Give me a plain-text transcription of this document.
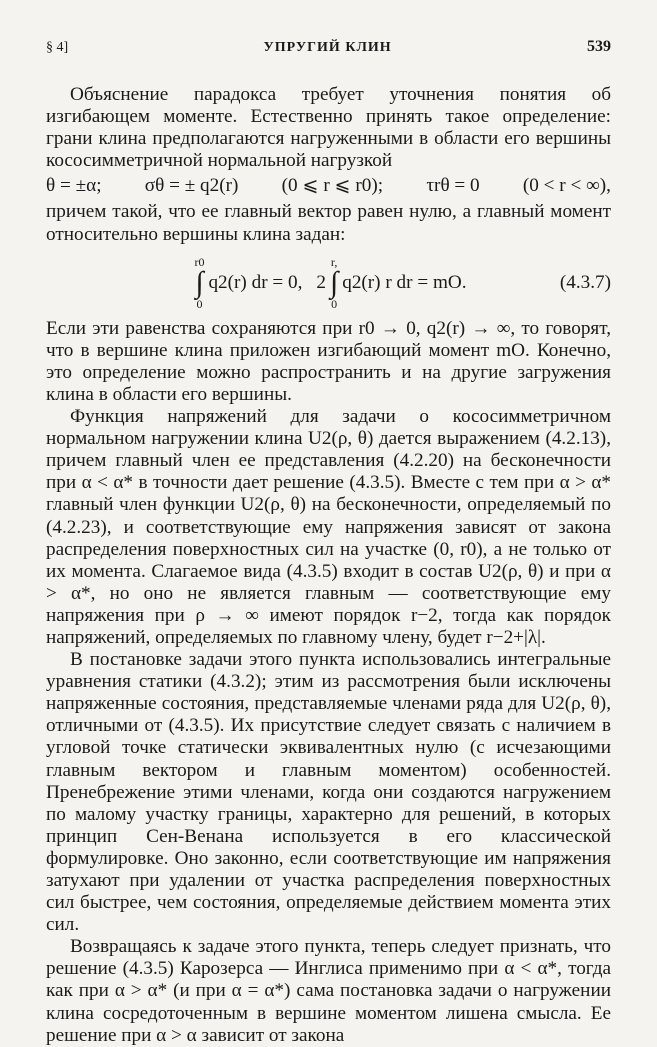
§ 4]	УПРУГИЙ КЛИН	539

Объяснение парадокса требует уточнения понятия об изгибающем моменте. Естественно принять такое определение: грани клина предполагаются нагруженными в области его вершины кососимметричной нормальной нагрузкой

θ = ±α; σθ = ± q2(r) (0 ⩽ r ⩽ r0); τrθ = 0 (0 < r < ∞),

причем такой, что ее главный вектор равен нулю, а главный момент относительно вершины клина задан:

r0
∫
0
q2(r) dr = 0, 2
r,
∫
0
q2(r) r dr = mO.	(4.3.7)

Если эти равенства сохраняются при r0 → 0, q2(r) → ∞, то говорят, что в вершине клина приложен изгибающий момент mO. Конечно, это определение можно распространить и на другие загружения клина в области его вершины.

Функция напряжений для задачи о кососимметричном нормальном нагружении клина U2(ρ, θ) дается выражением (4.2.13), причем главный член ее представления (4.2.20) на бесконечности при α < α* в точности дает решение (4.3.5). Вместе с тем при α > α* главный член функции U2(ρ, θ) на бесконечности, определяемый по (4.2.23), и соответствующие ему напряжения зависят от закона распределения поверхностных сил на участке (0, r0), а не только от их момента. Слагаемое вида (4.3.5) входит в состав U2(ρ, θ) и при α > α*, но оно не является главным — соответствующие ему напряжения при ρ → ∞ имеют порядок r−2, тогда как порядок напряжений, определяемых по главному члену, будет r−2+|λ|.

В постановке задачи этого пункта использовались интегральные уравнения статики (4.3.2); этим из рассмотрения были исключены напряженные состояния, представляемые членами ряда для U2(ρ, θ), отличными от (4.3.5). Их присутствие следует связать с наличием в угловой точке статически эквивалентных нулю (с исчезающими главным вектором и главным моментом) особенностей. Пренебрежение этими членами, когда они создаются нагружением по малому участку границы, характерно для решений, в которых принцип Сен-Венана используется в его классической формулировке. Оно законно, если соответствующие им напряжения затухают при удалении от участка распределения поверхностных сил быстрее, чем состояния, определяемые действием момента этих сил.

Возвращаясь к задаче этого пункта, теперь следует признать, что решение (4.3.5) Карозерса — Инглиса применимо при α < α*, тогда как при α > α* (и при α = α*) сама постановка задачи о нагружении клина сосредоточенным в вершине моментом лишена смысла. Ее решение при α > α зависит от закона
